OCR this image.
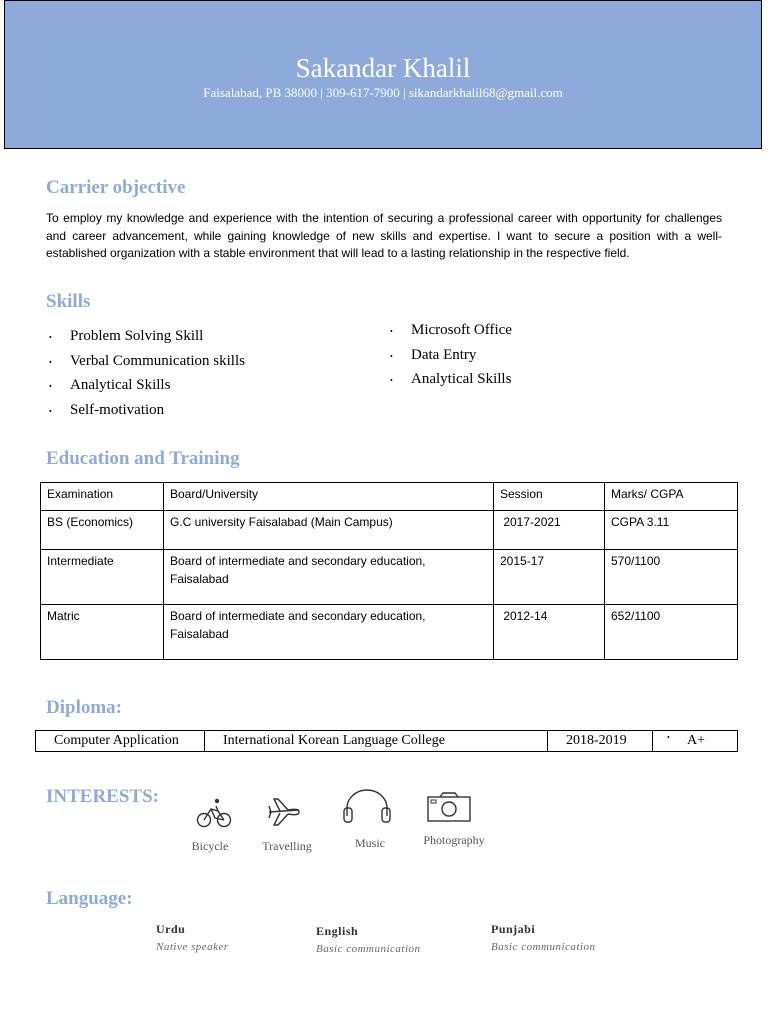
Sakandar Khalil
Faisalabad, PB 38000 | 309-617-7900 | sikandarkhalil68@gmail.com
Carrier objective
To employ my knowledge and experience with the intention of securing a professional career with opportunity for challenges and career advancement, while gaining knowledge of new skills and expertise. I want to secure a position with a well-established organization with a stable environment that will lead to a lasting relationship in the respective field.
Skills
• Problem Solving Skill
• Verbal Communication skills
• Analytical Skills
• Self-motivation
• Microsoft Office
• Data Entry
• Analytical Skills
Education and Training
Examination	Board/University	Session	Marks/ CGPA
BS (Economics)	G.C university Faisalabad (Main Campus)	2017-2021	CGPA 3.11
Intermediate	Board of intermediate and secondary education, Faisalabad	2015-17	570/1100
Matric	Board of intermediate and secondary education, Faisalabad	2012-14	652/1100
Diploma:
Computer Application	International Korean Language College	2018-2019	• A+
INTERESTS:
Bicycle	Travelling	Music	Photography
Language:
Urdu
Native speaker
English
Basic communication
Punjabi
Basic communication
